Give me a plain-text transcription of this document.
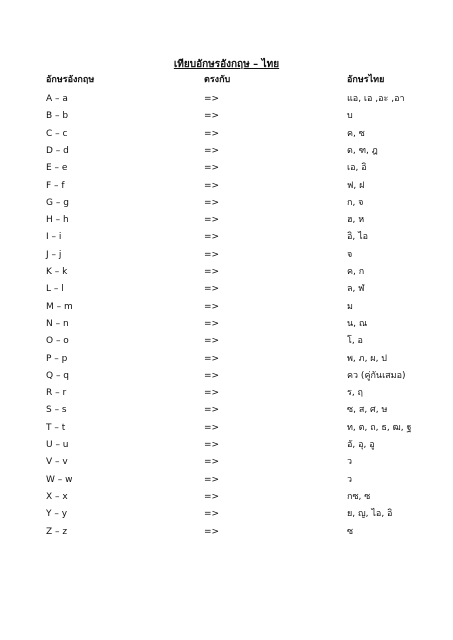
เทียบอักษรอังกฤษ – ไทย
อักษรอังกฤษ	ตรงกับ	อักษรไทย
A – a	=>	แอ, เอ ,อะ ,อา
B – b	=>	บ
C – c	=>	ค, ซ
D – d	=>	ด, ฑ, ฎ
E – e	=>	เอ, อิ
F – f	=>	ฟ, ฝ
G – g	=>	ก, จ
H – h	=>	ฮ, ห
I – i	=>	อิ, ไอ
J – j	=>	จ
K – k	=>	ค, ก
L – l	=>	ล, ฬ
M – m	=>	ม
N – n	=>	น, ณ
O – o	=>	โ, อ
P – p	=>	พ, ภ, ผ, ป
Q – q	=>	คว (คู่กันเสมอ)
R – r	=>	ร, ฤ
S – s	=>	ซ, ส, ศ, ษ
T – t	=>	ท, ต, ถ, ธ, ฒ, ฐ
U – u	=>	อั, อุ, อู
V – v	=>	ว
W – w	=>	ว
X – x	=>	กซ, ซ
Y – y	=>	ย, ญ, ไอ, อิ
Z – z	=>	ซ
